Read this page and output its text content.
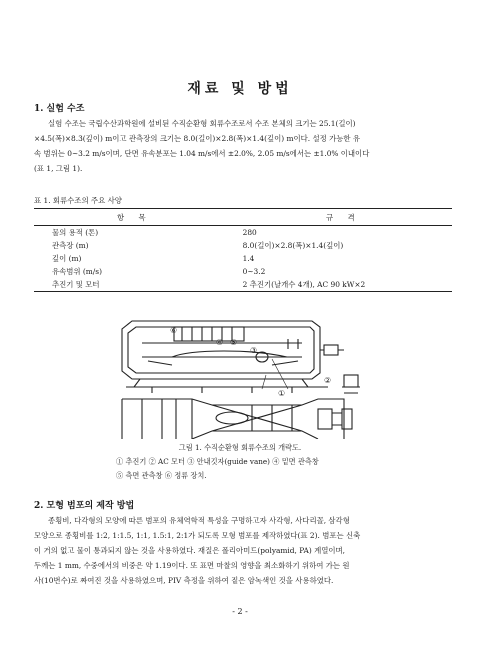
재료 및 방법
1. 실험 수조
실험 수조는 국립수산과학원에 설비된 수직순환형 회류수조로서 수조 본체의 크기는 25.1(길이)
×4.5(폭)×8.3(깊이) m이고 관측장의 크기는 8.0(길이)×2.8(폭)×1.4(깊이) m이다. 설정 가능한 유
속 범위는 0~3.2 m/s이며, 단면 유속분포는 1.04 m/s에서 ±2.0%, 2.05 m/s에서는 ±1.0% 이내이다
(표 1, 그림 1).
표 1. 회류수조의 주요 사양
항 목	규 격
물의 용적 (톤)	280
관측장 (m)	8.0(길이)×2.8(폭)×1.4(깊이)
깊이 (m)	1.4
유속범위 (m/s)	0~3.2
추진기 및 모터	2 추진기(날개수 4개), AC 90 kW×2
⑥
④ ⑤
③
①
②
그림 1. 수직순환형 회류수조의 개략도.
① 추진기 ② AC 모터 ③ 안내깃자(guide vane) ④ 밑면 관측창
⑤ 측면 관측창 ⑥ 정류 장치.
2. 모형 범포의 제작 방법
종횡비, 다각형의 모양에 따른 범포의 유체역학적 특성을 구명하고자 사각형, 사다리꼴, 삼각형
모양으로 종횡비를 1:2, 1:1.5, 1:1, 1.5:1, 2:1가 되도록 모형 범포를 제작하였다(표 2). 범포는 신축
이 거의 없고 물이 통과되지 않는 것을 사용하였다. 재질은 폴리아미드(polyamid, PA) 계열이며,
두께는 1 mm, 수중에서의 비중은 약 1.19이다. 또 표면 마찰의 영향을 최소화하기 위하여 가는 원
사(10번수)로 짜여진 것을 사용하였으며, PIV 측정을 위하여 짙은 암녹색인 것을 사용하였다.
- 2 -
